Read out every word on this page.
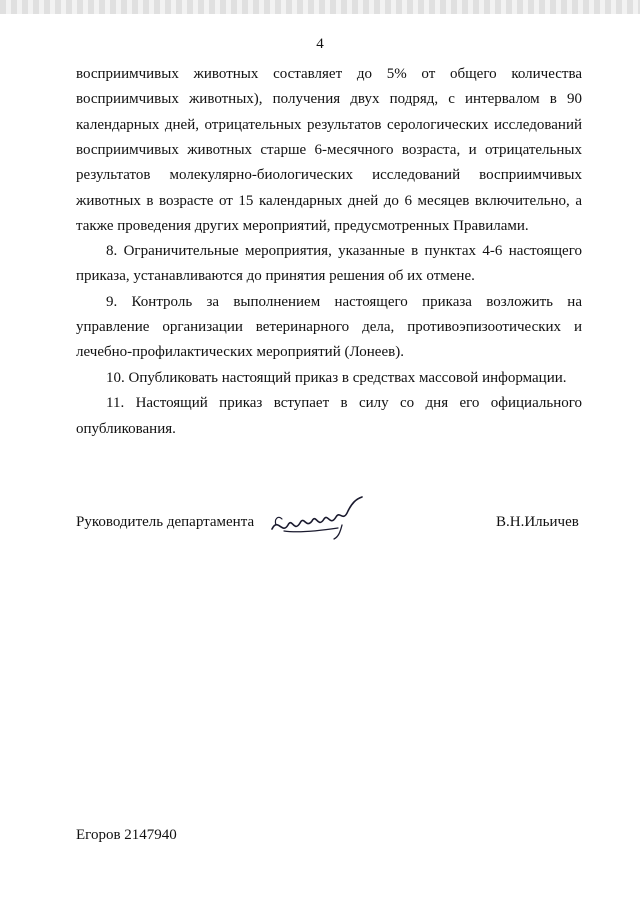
4
восприимчивых животных составляет до 5% от общего количества
восприимчивых животных), получения двух подряд, с интервалом в 90
календарных дней, отрицательных результатов серологических исследований
восприимчивых животных старше 6-месячного возраста, и отрицательных
результатов молекулярно-биологических исследований восприимчивых
животных в возрасте от 15 календарных дней до 6 месяцев включительно, а
также проведения других мероприятий, предусмотренных Правилами.
8. Ограничительные мероприятия, указанные в пунктах 4-6 настоящего
приказа, устанавливаются до принятия решения об их отмене.
9. Контроль за выполнением настоящего приказа возложить на
управление организации ветеринарного дела, противоэпизоотических и
лечебно-профилактических мероприятий (Лонеев).
10. Опубликовать настоящий приказ в средствах массовой информации.
11. Настоящий приказ вступает в силу со дня его официального
опубликования.
Руководитель департамента	В.Н.Ильичев
Егоров 2147940
